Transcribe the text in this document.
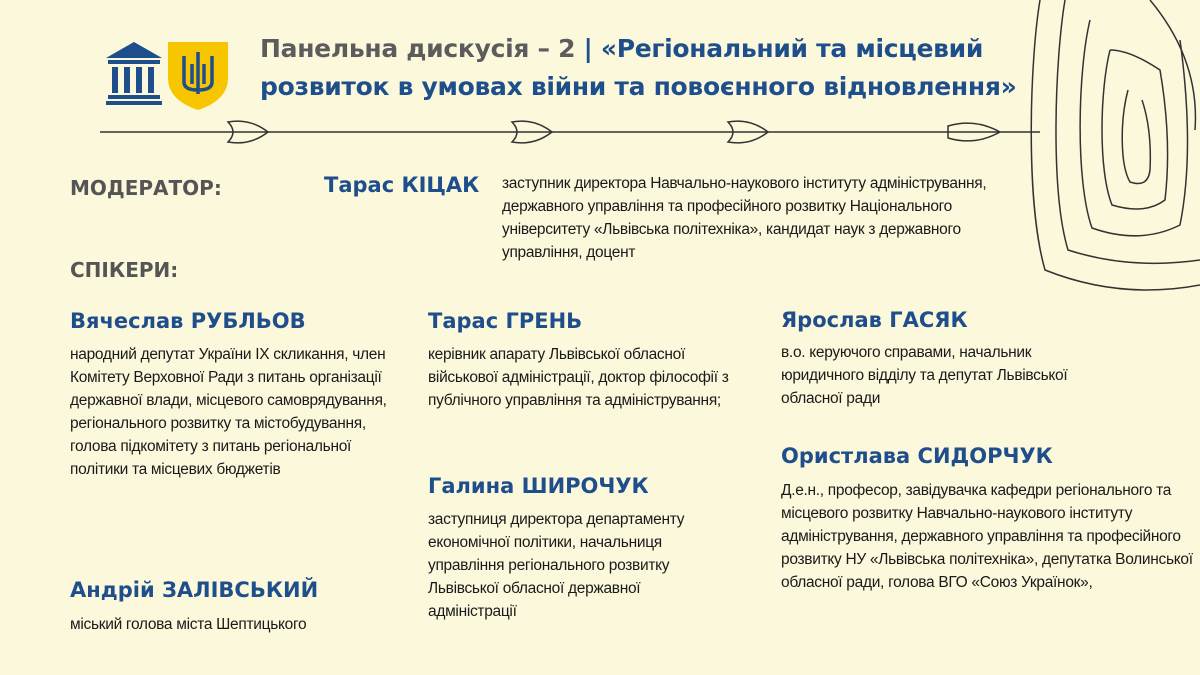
Панельна дискусія – 2 | «Регіональний та місцевий
розвиток в умовах війни та повоєнного відновлення»
МОДЕРАТОР:	Тарас КІЦАК заступник директора Навчально-наукового інституту адміністрування, державного управління та професійного розвитку Національного університету «Львівська політехніка», кандидат наук з державного управління, доцент
СПІКЕРИ:
Вячеслав РУБЛЬОВ
народний депутат України IX скликання, член Комітету Верховної Ради з питань організації державної влади, місцевого самоврядування, регіонального розвитку та містобудування, голова підкомітету з питань регіональної політики та місцевих бюджетів
Андрій ЗАЛІВСЬКИЙ
міський голова міста Шептицького
Тарас ГРЕНЬ
керівник апарату Львівської обласної військової адміністрації, доктор філософії з публічного управління та адміністрування;
Галина ШИРОЧУК
заступниця директора департаменту економічної політики, начальниця управління регіонального розвитку Львівської обласної державної адміністрації
Ярослав ГАСЯК
в.о. керуючого справами, начальник юридичного відділу та депутат Львівської обласної ради
Ористлава СИДОРЧУК
Д.е.н., професор, завідувачка кафедри регіонального та місцевого розвитку Навчально-наукового інституту адміністрування, державного управління та професійного розвитку НУ «Львівська політехніка», депутатка Волинської обласної ради, голова ВГО «Союз Українок»,
